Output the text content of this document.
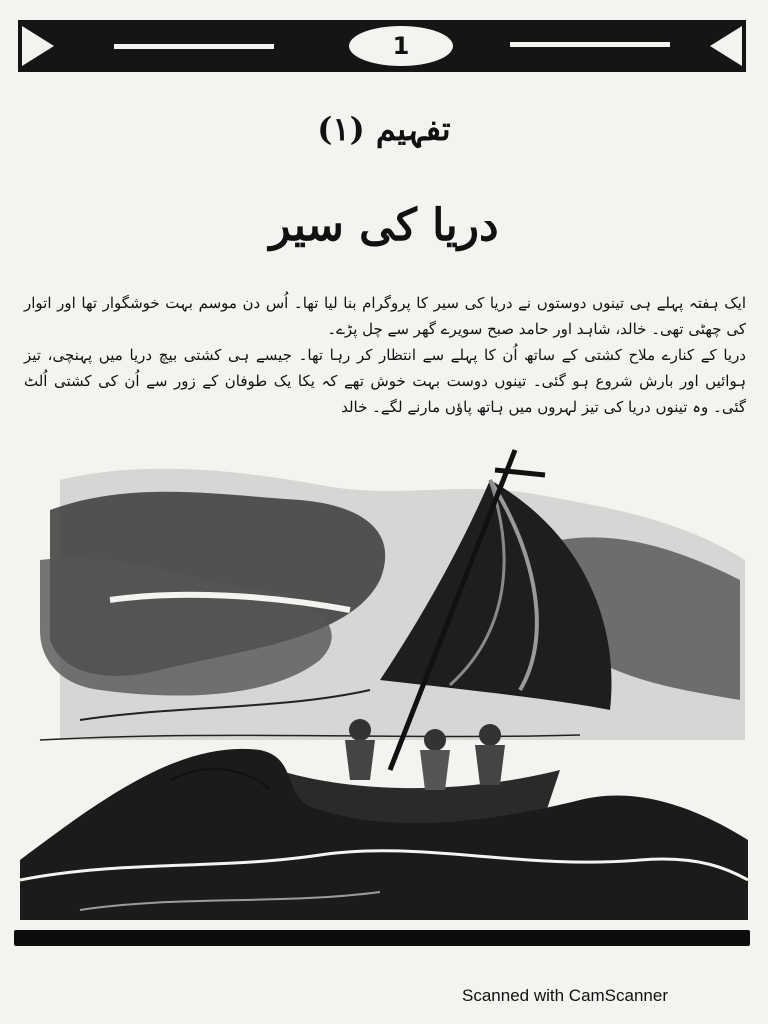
1
تفہیم (۱)
دریا کی سیر

ایک ہفتہ پہلے ہی تینوں دوستوں نے دریا کی سیر کا پروگرام بنا لیا تھا۔ اُس دن موسم بہت خوشگوار تھا اور اتوار کی چھٹی تھی۔ خالد، شاہد اور حامد صبح سویرے گھر سے چل پڑے۔

دریا کے کنارے ملاح کشتی کے ساتھ اُن کا پہلے سے انتظار کر رہا تھا۔ جیسے ہی کشتی بیچ دریا میں پہنچی، تیز ہوائیں اور بارش شروع ہو گئی۔ تینوں دوست بہت خوش تھے کہ یکا یک طوفان کے زور سے اُن کی کشتی اُلٹ گئی۔ وہ تینوں دریا کی تیز لہروں میں ہاتھ پاؤں مارنے لگے۔ خالد

Scanned with CamScanner
